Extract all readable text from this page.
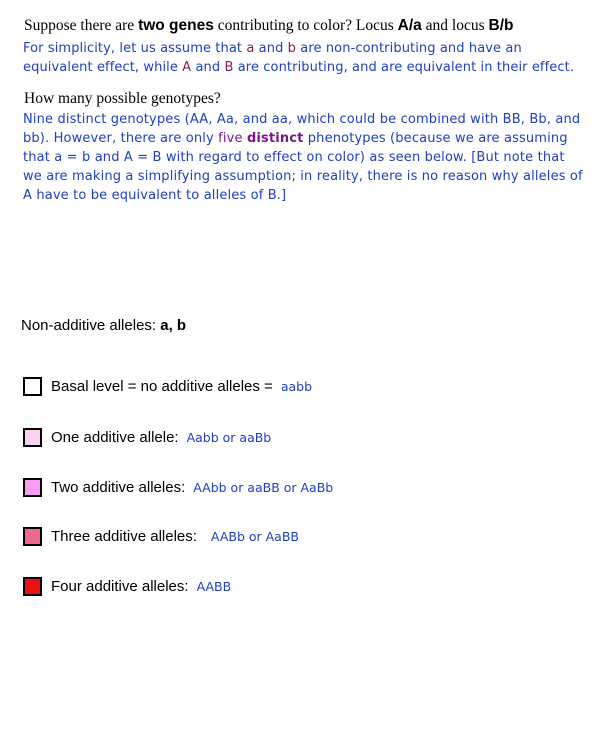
Suppose there are two genes contributing to color? Locus A/a and locus B/b
For simplicity, let us assume that a and b are non-contributing and have an equivalent effect, while A and B are contributing, and are equivalent in their effect.
How many possible genotypes?
Nine distinct genotypes (AA, Aa, and aa, which could be combined with BB, Bb, and bb). However, there are only five distinct phenotypes (because we are assuming that a = b and A = B with regard to effect on color) as seen below. [But note that we are making a simplifying assumption; in reality, there is no reason why alleles of A have to be equivalent to alleles of B.]
Non-additive alleles: a, b
Basal level = no additive alleles = aabb
One additive allele: Aabb or aaBb
Two additive alleles: AAbb or aaBB or AaBb
Three additive alleles: AABb or AaBB
Four additive alleles: AABB
